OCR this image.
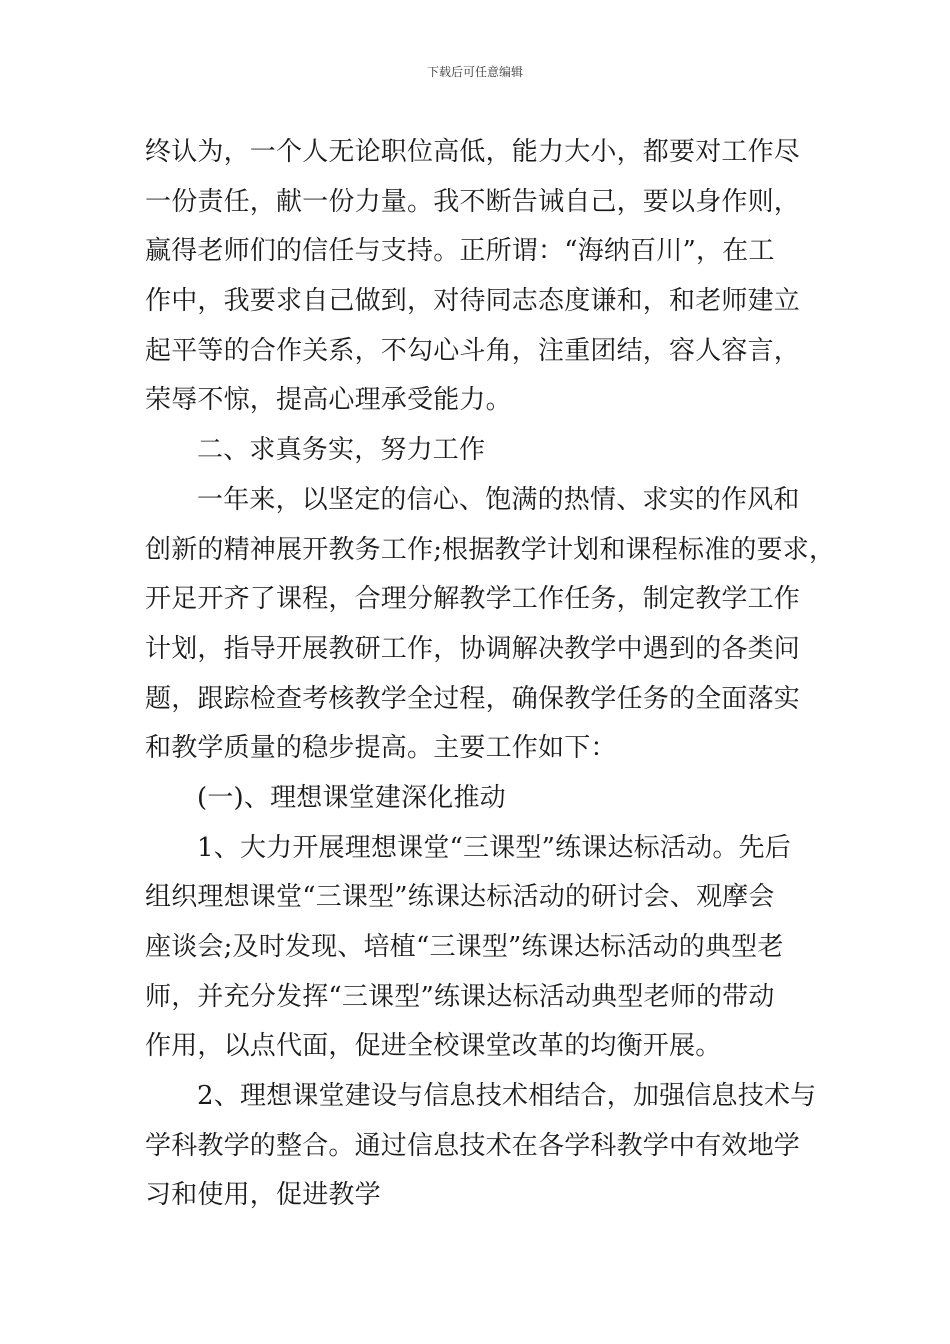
下载后可任意编辑
终认为，一个人无论职位高低，能力大小，都要对工作尽
一份责任，献一份力量。我不断告诫自己，要以身作则，
赢得老师们的信任与支持。正所谓：“海纳百川”，在工
作中，我要求自己做到，对待同志态度谦和，和老师建立
起平等的合作关系，不勾心斗角，注重团结，容人容言，
荣辱不惊，提高心理承受能力。
二、求真务实，努力工作
一年来，以坚定的信心、饱满的热情、求实的作风和
创新的精神展开教务工作;根据教学计划和课程标准的要求，
开足开齐了课程，合理分解教学工作任务，制定教学工作
计划，指导开展教研工作，协调解决教学中遇到的各类问
题，跟踪检查考核教学全过程，确保教学任务的全面落实
和教学质量的稳步提高。主要工作如下：
(一)、理想课堂建深化推动
1、大力开展理想课堂“三课型”练课达标活动。先后
组织理想课堂“三课型”练课达标活动的研讨会、观摩会
座谈会;及时发现、培植“三课型”练课达标活动的典型老
师，并充分发挥“三课型”练课达标活动典型老师的带动
作用，以点代面，促进全校课堂改革的均衡开展。
2、理想课堂建设与信息技术相结合，加强信息技术与
学科教学的整合。通过信息技术在各学科教学中有效地学
习和使用，促进教学
